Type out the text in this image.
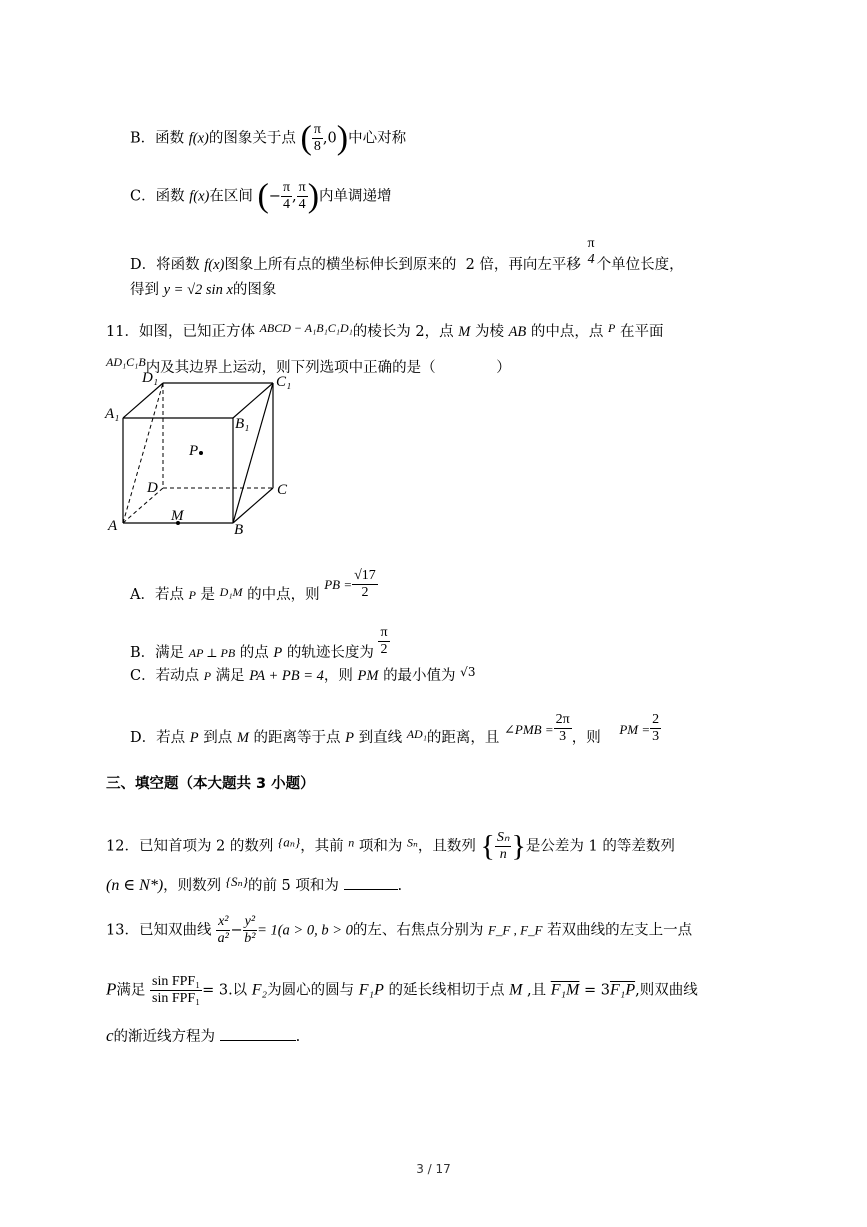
B．函数 f(x)的图象关于点 ( $\frac{\pi}{8} ,0$)中心对称
C．函数 f(x)在区间 (− $\frac{\pi}{4}$ , $\frac{\pi}{4}$ )内单调递增
D．将函数 f(x)图象上所有点的横坐标伸长到原来的 2 倍，再向左平移
π
4 个单位长度，
得到 y = √2 sin x的图象
11．如图，已知正方体 $^{ABCD - A_1B_1C_1D_1}$的棱长为 2，点 M 为棱 AB 的中点，点 $^P$ 在平面
$^{AD_1C_1B}$内及其边界上运动，则下列选项中正确的是（	）
D₁	C₁
A₁
B₁
P
D	C
A
M
B
A．若点 P 是 $^{D_1M}$ 的中点，则 PB = $\frac{√17}{2}$
B．满足 AP ⊥ PB 的点 P 的轨迹长度为 $\frac{\pi}{2}$
C．若动点 P 满足 PA + PB = 4，则 PM 的最小值为 $^{√3}$
D．若点 P 到点 M 的距离等于点 P 到直线 $^{AD_1}$的距离，且 ∠PMB = $\frac{2\pi}{3}$ ，则 PM = $\frac{2}{3}$
三、填空题（本大题共 3 小题）
12．已知首项为 2 的数列 {aₙ}，其前 $^n$ 项和为 $^{S_n}$，且数列 { $\frac{\text{Sₙ}}{n}$ }是公差为 1 的等差数列
(n ∈ N*)，则数列 {Sₙ}的前 5 项和为	.
13．已知双曲线 $\frac{\text{x²}}{\text{a²}} - \frac{\text{y²}}{\text{b²}} = 1(a > 0$, b > 0的左、右焦点分别为 F_F , F_F 若双曲线的左支上一点
P满足 $\frac{\text{sin FPF₁}}{\text{sin FPF₁}} = 3$.以 F₂为圆心的圆与 F₁P 的延长线相切于点 M ,且 F₁M = 3F₁P,则双曲线
c的渐近线方程为	.
3 / 17
